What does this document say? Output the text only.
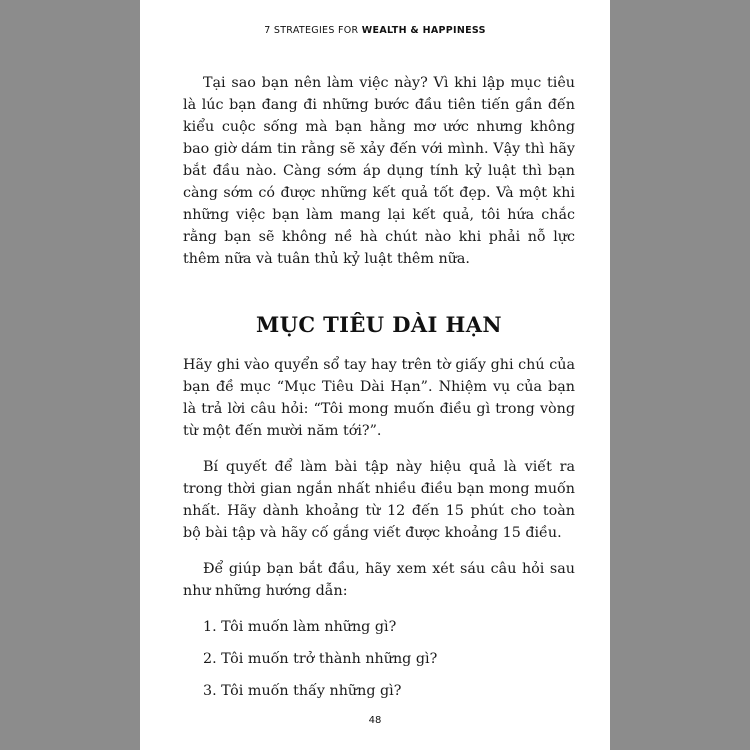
7 STRATEGIES FOR WEALTH & HAPPINESS

Tại sao bạn nên làm việc này? Vì khi lập mục tiêu là lúc bạn đang đi những bước đầu tiên tiến gần đến kiểu cuộc sống mà bạn hằng mơ ước nhưng không bao giờ dám tin rằng sẽ xảy đến với mình. Vậy thì hãy bắt đầu nào. Càng sớm áp dụng tính kỷ luật thì bạn càng sớm có được những kết quả tốt đẹp. Và một khi những việc bạn làm mang lại kết quả, tôi hứa chắc rằng bạn sẽ không nề hà chút nào khi phải nỗ lực thêm nữa và tuân thủ kỷ luật thêm nữa.

MỤC TIÊU DÀI HẠN

Hãy ghi vào quyển sổ tay hay trên tờ giấy ghi chú của bạn đề mục “Mục Tiêu Dài Hạn”. Nhiệm vụ của bạn là trả lời câu hỏi: “Tôi mong muốn điều gì trong vòng từ một đến mười năm tới?”.

Bí quyết để làm bài tập này hiệu quả là viết ra trong thời gian ngắn nhất nhiều điều bạn mong muốn nhất. Hãy dành khoảng từ 12 đến 15 phút cho toàn bộ bài tập và hãy cố gắng viết được khoảng 15 điều.

Để giúp bạn bắt đầu, hãy xem xét sáu câu hỏi sau như những hướng dẫn:

1. Tôi muốn làm những gì?
2. Tôi muốn trở thành những gì?
3. Tôi muốn thấy những gì?
48
